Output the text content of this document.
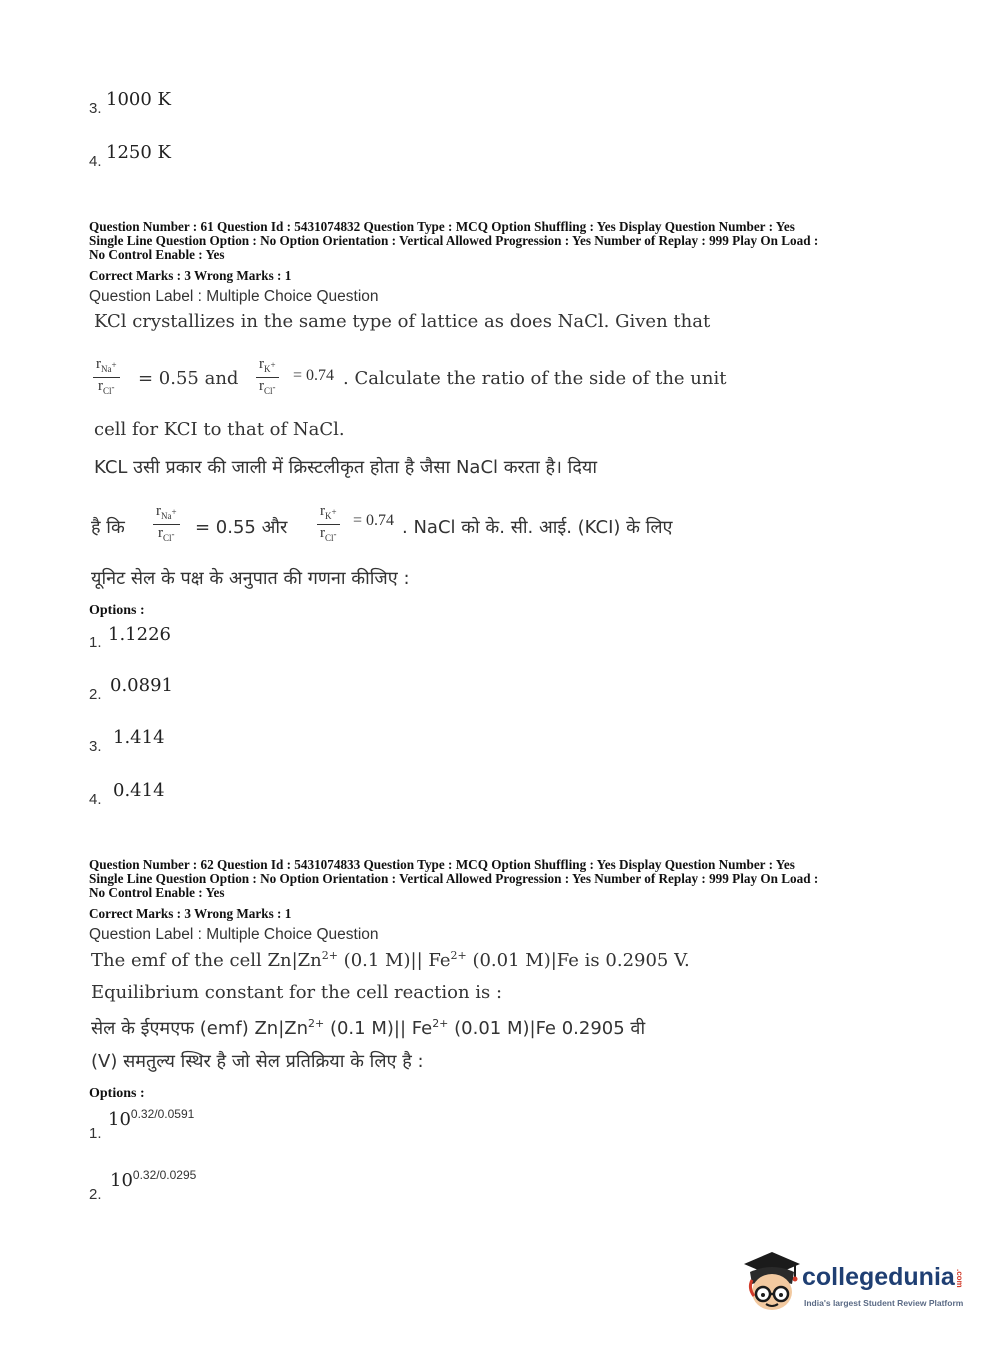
3. 1000 K
4. 1250 K
Question Number : 61 Question Id : 5431074832 Question Type : MCQ Option Shuffling : Yes Display Question Number : Yes
Single Line Question Option : No Option Orientation : Vertical Allowed Progression : Yes Number of Replay : 999 Play On Load :
No Control Enable : Yes
Correct Marks : 3 Wrong Marks : 1
Question Label : Multiple Choice Question
KCl crystallizes in the same type of lattice as does NaCl. Given that
$r_{Na^+}$
$r_{Cl^-} = 0.55$ and
$r_{K^+}$
$r_{Cl^-}$
= 0.74 . Calculate the ratio of the side of the unit
cell for KCI to that of NaCl.
KCL उसी प्रकार की जाली में क्रिस्टलीकृत होता है जैसा NaCl करता है। दिया
है कि
$r_{Na^+}$
$r_{Cl^-} = 0.55$ और
$r_{K^+}$
$r_{Cl^-}$
= 0.74 . NaCl को के. सी. आई. (KCI) के लिए
यूनिट सेल के पक्ष के अनुपात की गणना कीजिए :
Options :
1. 1.1226
2. 0.0891
3. 1.414
4. 0.414
Question Number : 62 Question Id : 5431074833 Question Type : MCQ Option Shuffling : Yes Display Question Number : Yes
Single Line Question Option : No Option Orientation : Vertical Allowed Progression : Yes Number of Replay : 999 Play On Load :
No Control Enable : Yes
Correct Marks : 3 Wrong Marks : 1
Question Label : Multiple Choice Question
The emf of the cell $Zn|Zn^{2+}$ (0.1 M)|| $Fe^{2+}$ (0.01 M)|Fe is 0.2905 V.
Equilibrium constant for the cell reaction is :
सेल के ईएमएफ (emf) $Zn|Zn^{2+}$ (0.1 M)|| $Fe^{2+}$ (0.01 M)|Fe 0.2905 वी
(V) समतुल्य स्थिर है जो सेल प्रतिक्रिया के लिए है :
Options :
1.
$10^{0.32/0.0591}$
2.
$10^{0.32/0.0295}$
collegedunia.com
India's largest Student Review Platform
